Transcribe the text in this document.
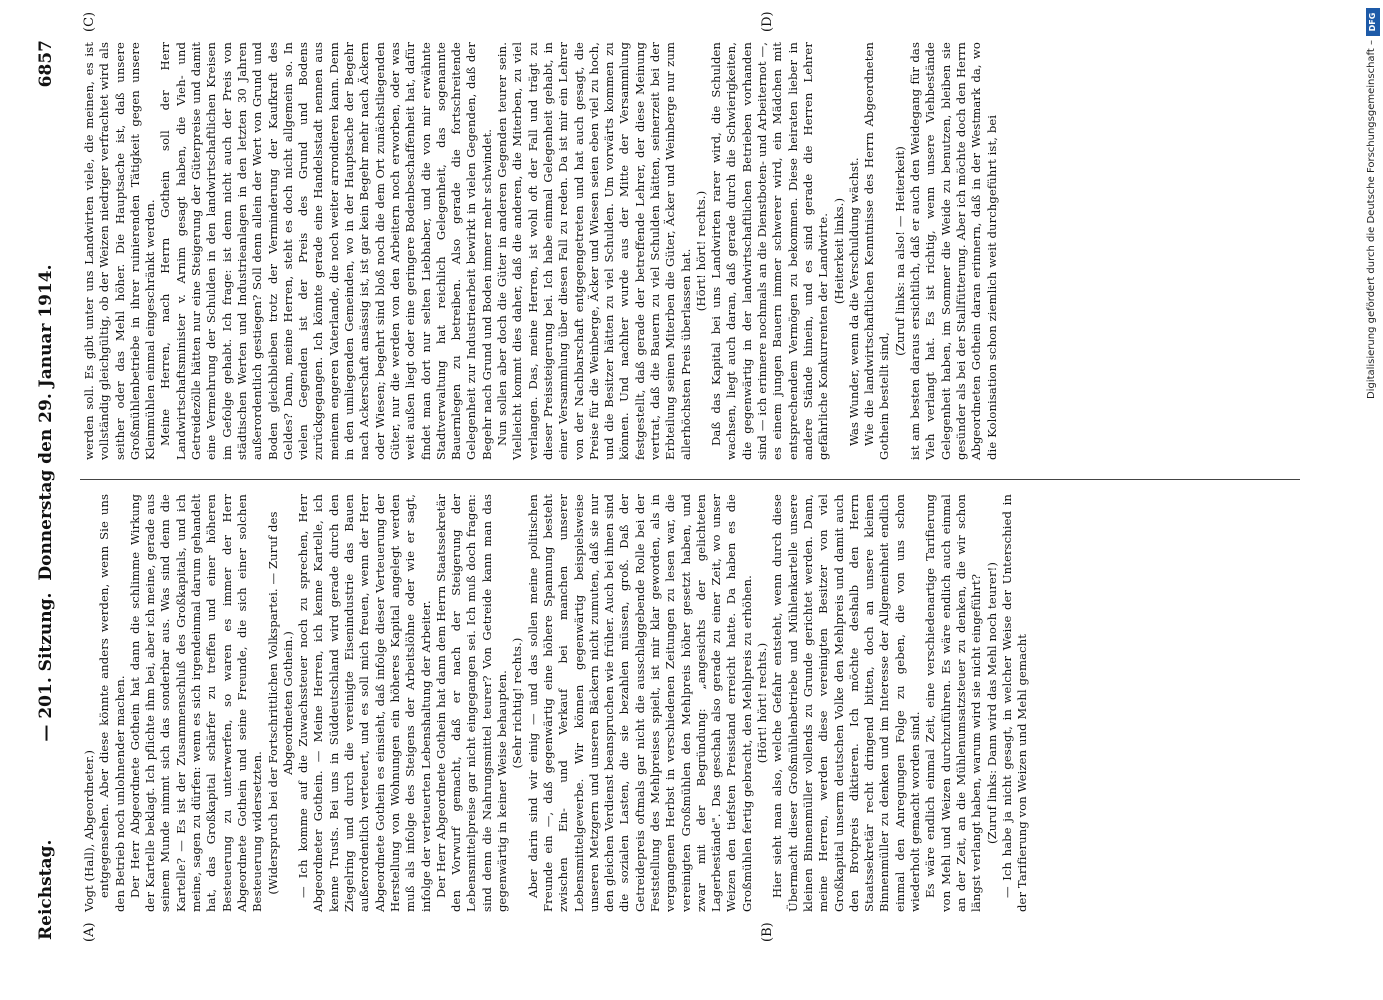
Reichstag.
— 201. Sitzung. Donnerstag den 29. Januar 1914.
6857
(A)	(B)
(C)	(D)

Vogt (Hall), Abgeordneter.) entgegensehen. Aber diese könnte anders werden, wenn Sie uns den Betrieb noch unlohnender machen. Der Herr Abgeordnete Gothein hat dann die schlimme Wirkung der Kartelle beklagt. Ich pflichte ihm bei, aber ich meine, gerade aus seinem Munde nimmt sich das sonderbar aus. Was sind denn die Kartelle? — Es ist der Zusammenschluß des Großkapitals, und ich meine, sagen zu dürfen: wenn es sich irgendeinmal darum gehandelt hat, das Großkapital schärfer zu treffen und einer höheren Besteuerung zu unterwerfen, so waren es immer der Herr Abgeordnete Gothein und seine Freunde, die sich einer solchen Besteuerung widersetzten. (Widerspruch bei der Fortschrittlichen Volkspartei. — Zuruf des Abgeordneten Gothein.) — Ich komme auf die Zuwachssteuer noch zu sprechen, Herr Abgeordneter Gothein. — Meine Herren, ich kenne Kartelle, ich kenne Trusts. Bei uns in Süddeutschland wird gerade durch den Ziegelring und durch die vereinigte Eisenindustrie das Bauen außerordentlich verteuert, und es soll mich freuen, wenn der Herr Abgeordnete Gothein es einsieht, daß infolge dieser Verteuerung der Herstellung von Wohnungen ein höheres Kapital angelegt werden muß als infolge des Steigens der Arbeitslöhne oder wie er sagt, infolge der verteuerten Lebenshaltung der Arbeiter. Der Herr Abgeordnete Gothein hat dann dem Herrn Staatssekretär den Vorwurf gemacht, daß er nach der Steigerung der Lebensmittelpreise gar nicht eingegangen sei. Ich muß doch fragen: sind denn die Nahrungsmittel teurer? Von Getreide kann man das gegenwärtig in keiner Weise behaupten. (Sehr richtig! rechts.) Aber darin sind wir einig — und das sollen meine politischen Freunde ein —, daß gegenwärtig eine höhere Spannung besteht zwischen Ein- und Verkauf bei manchen unserer Lebensmittelgewerbe. Wir können gegenwärtig beispielsweise unseren Metzgern und unseren Bäckern nicht zumuten, daß sie nur den gleichen Verdienst beanspruchen wie früher. Auch bei ihnen sind die sozialen Lasten, die sie bezahlen müssen, groß. Daß der Getreidepreis oftmals gar nicht die ausschlaggebende Rolle bei der Feststellung des Mehlpreises spielt, ist mir klar geworden, als in vergangenen Herbst in verschiedenen Zeitungen zu lesen war, die vereinigten Großmühlen den Mehlpreis höher gesetzt haben, und zwar mit der Begründung: „angesichts der gelichteten Lagerbestände". Das geschah also gerade zu einer Zeit, wo unser Weizen den tiefsten Preisstand erreicht hatte. Da haben es die Großmühlen fertig gebracht, den Mehlpreis zu erhöhen. (Hört! hört! rechts.) Hier sieht man also, welche Gefahr entsteht, wenn durch diese Übermacht dieser Großmühlenbetriebe und Mühlenkartelle unsere kleinen Binnenmüller vollends zu Grunde gerichtet werden. Dann, meine Herren, werden diese vereinigten Besitzer von viel Großkapital unserm deutschen Volke den Mehlpreis und damit auch den Brotpreis diktieren. Ich möchte deshalb den Herrn Staatssekretär recht dringend bitten, doch an unsere kleinen Binnenmüller zu denken und im Interesse der Allgemeinheit endlich einmal den Anregungen Folge zu geben, die von uns schon wiederholt gemacht worden sind. Es wäre endlich einmal Zeit, eine verschiedenartige Tarifierung von Mehl und Weizen durchzuführen. Es wäre endlich auch einmal an der Zeit, an die Mühlenumsatzsteuer zu denken, die wir schon längst verlangt haben, warum wird sie nicht eingeführt? (Zuruf links: Dann wird das Mehl noch teurer!) — Ich habe ja nicht gesagt, in welcher Weise der Unterschied in der Tarifierung von Weizen und Mehl gemacht

werden soll. Es gibt unter uns Landwirten viele, die meinen, es ist vollständig gleichgültig, ob der Weizen niedriger verfrachtet wird als seither oder das Mehl höher. Die Hauptsache ist, daß unsere Großmühlenbetriebe in ihrer ruinierenden Tätigkeit gegen unsere Kleinmühlen einmal eingeschränkt werden. Meine Herren, nach Herrn Gothein soll der Herr Landwirtschaftsminister v. Arnim gesagt haben, die Vieh- und Getreidezölle hätten nur eine Steigerung der Güterpreise und damit eine Vermehrung der Schulden in den landwirtschaftlichen Kreisen im Gefolge gehabt. Ich frage: ist denn nicht auch der Preis von städtischen Werten und Industrieanlagen in den letzten 30 Jahren außerordentlich gestiegen? Soll denn allein der Wert von Grund und Boden gleichbleiben trotz der Verminderung der Kaufkraft des Geldes? Dann, meine Herren, steht es doch nicht allgemein so. In vielen Gegenden ist der Preis des Grund und Bodens zurückgegangen. Ich könnte gerade eine Handelsstadt nennen aus meinem engeren Vaterlande, die noch weiter arrondieren kann. Denn in den umliegenden Gemeinden, wo in der Hauptsache der Begehr nach Ackerschaft ansässig ist, ist gar kein Begehr mehr nach Äckern oder Wiesen; begehrt sind bloß noch die dem Ort zunächstliegenden Güter, nur die werden von den Arbeitern noch erworben, oder was weit außen liegt oder eine geringere Bodenbeschaffenheit hat, dafür findet man dort nur selten Liebhaber, und die von mir erwähnte Stadtverwaltung hat reichlich Gelegenheit, das sogenannte Bauernlegen zu betreiben. Also gerade die fortschreitende Gelegenheit zur Industriearbeit bewirkt in vielen Gegenden, daß der Begehr nach Grund und Boden immer mehr schwindet. Nun sollen aber doch die Güter in anderen Gegenden teurer sein. Vielleicht kommt dies daher, daß die anderen, die Miterben, zu viel verlangen. Das, meine Herren, ist wohl oft der Fall und trägt zu dieser Preissteigerung bei. Ich habe einmal Gelegenheit gehabt, in einer Versammlung über diesen Fall zu reden. Da ist mir ein Lehrer von der Nachbarschaft entgegengetreten und hat auch gesagt, die Preise für die Weinberge, Äcker und Wiesen seien eben viel zu hoch, und die Besitzer hätten zu viel Schulden. Um vorwärts kommen zu können. Und nachher wurde aus der Mitte der Versammlung festgestellt, daß gerade der betreffende Lehrer, der diese Meinung vertrat, daß die Bauern zu viel Schulden hätten, seinerzeit bei der Erbteilung seinen Miterben die Güter, Äcker und Weinberge nur zum allerhöchsten Preis überlassen hat. (Hört! hört! rechts.) Daß das Kapital bei uns Landwirten rarer wird, die Schulden wachsen, liegt auch daran, daß gerade durch die Schwierigkeiten, die gegenwärtig in der landwirtschaftlichen Betrieben vorhanden sind — ich erinnere nochmals an die Dienstboten- und Arbeiternot —, es einem jungen Bauern immer schwerer wird, ein Mädchen mit entsprechendem Vermögen zu bekommen. Diese heiraten lieber in andere Stände hinein, und es sind gerade die Herren Lehrer gefährliche Konkurrenten der Landwirte. (Heiterkeit links.) Was Wunder, wenn da die Verschuldung wächst. Wie die landwirtschaftlichen Kenntnisse des Herrn Abgeordneten Gothein bestellt sind,

(Zuruf links: na also! — Heiterkeit) ist am besten daraus ersichtlich, daß er auch den Weidegang für das Vieh verlangt hat. Es ist richtig, wenn unsere Viehbestände Gelegenheit haben, im Sommer die Weide zu benutzen, bleiben sie gesünder als bei der Stallfütterung. Aber ich möchte doch den Herrn Abgeordneten Gothein daran erinnern, daß in der Westmark da, wo die Kolonisation schon ziemlich weit durchgeführt ist, bei	Digitalisierung gefördert durch die Deutsche Forschungsgemeinschaft –
DFG
